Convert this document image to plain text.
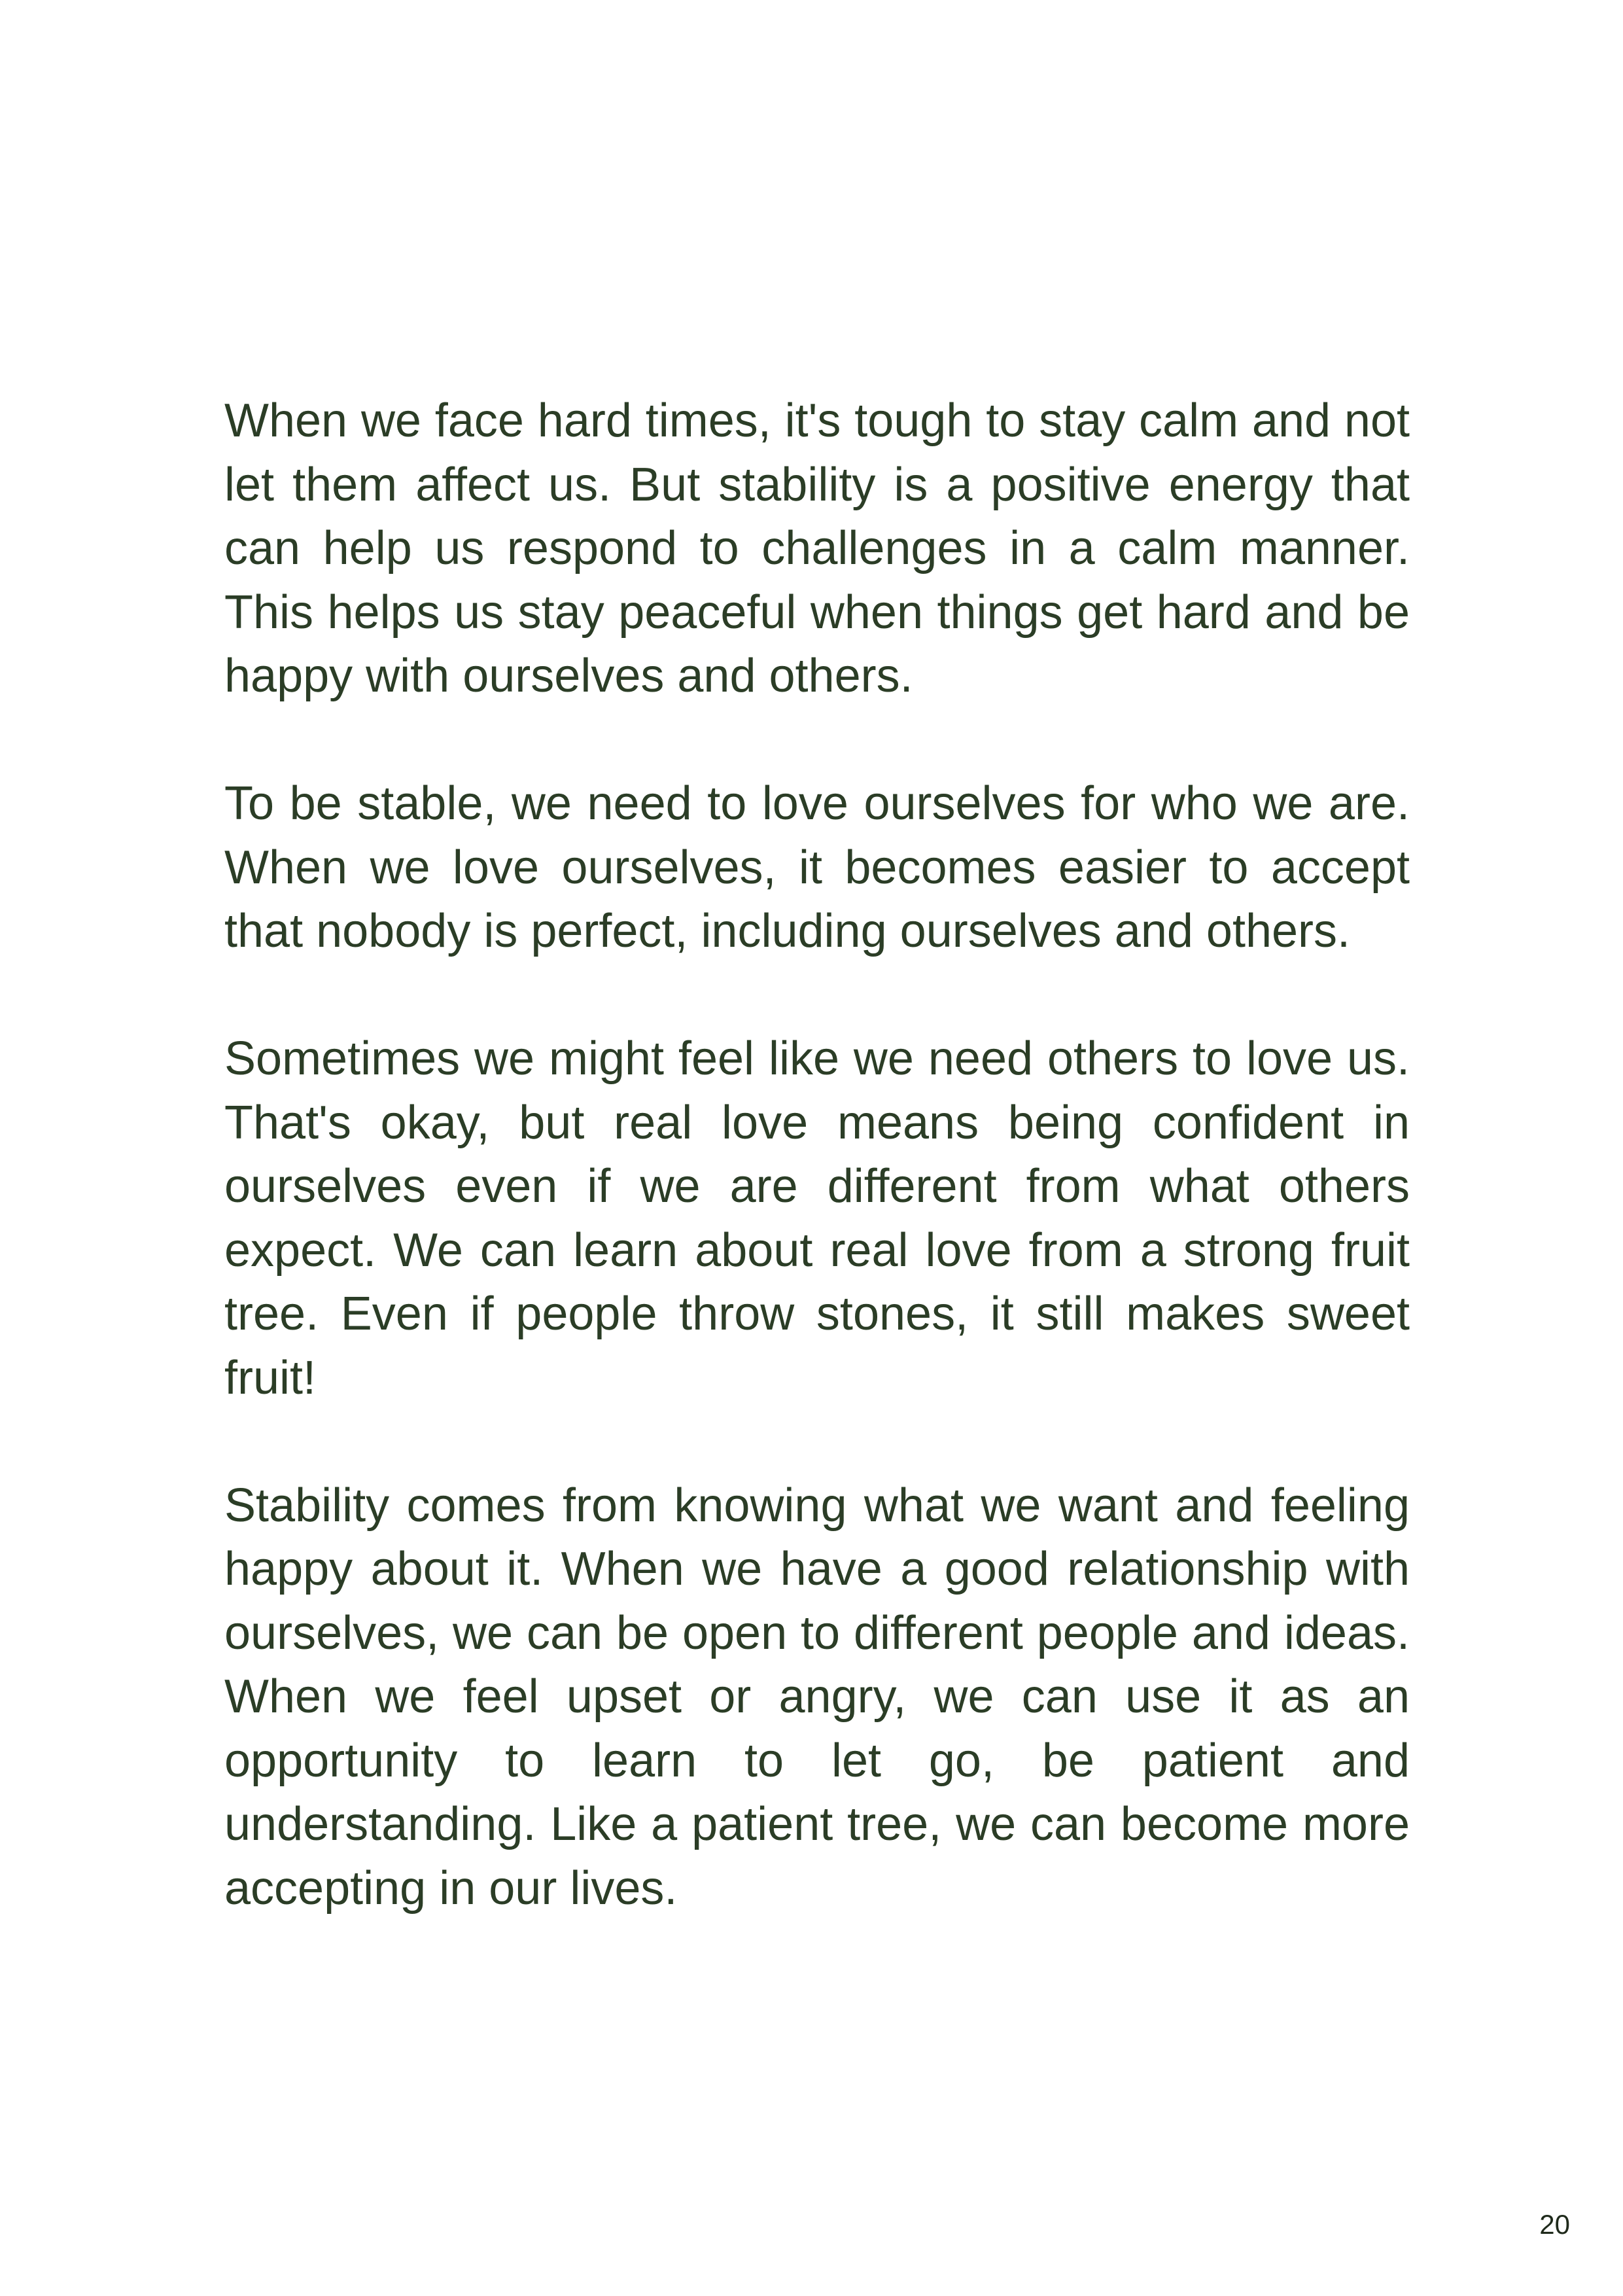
When we face hard times, it's tough to stay calm and not let them affect us. But stability is a positive energy that can help us respond to challenges in a calm manner. This helps us stay peaceful when things get hard and be happy with ourselves and others.

To be stable, we need to love ourselves for who we are. When we love ourselves, it becomes easier to accept that nobody is perfect, including ourselves and others.

Sometimes we might feel like we need others to love us. That's okay, but real love means being confident in ourselves even if we are different from what others expect. We can learn about real love from a strong fruit tree. Even if people throw stones, it still makes sweet fruit!

Stability comes from knowing what we want and feeling happy about it. When we have a good relationship with ourselves, we can be open to different people and ideas. When we feel upset or angry, we can use it as an opportunity to learn to let go, be patient and understanding. Like a patient tree, we can become more accepting in our lives.

20
